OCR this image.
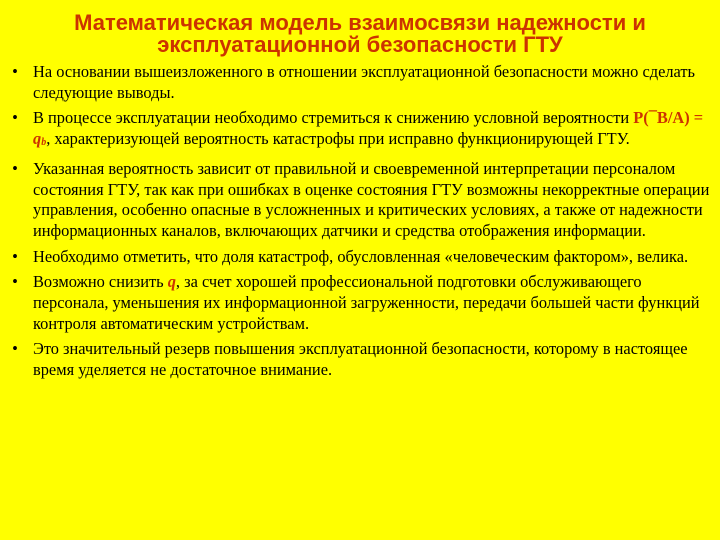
Математическая модель взаимосвязи надежности и
эксплуатационной безопасности ГТУ
• На основании вышеизложенного в отношении эксплуатационной безопасности можно сделать следующие выводы.
• В процессе эксплуатации необходимо стремиться к снижению условной вероятности P(¯B/A) = qb, характеризующей вероятность катастрофы при исправно функционирующей ГТУ.
• Указанная вероятность зависит от правильной и своевременной интерпретации персоналом состояния ГТУ, так как при ошибках в оценке состояния ГТУ возможны некорректные операции управления, особенно опасные в усложненных и критических условиях, а также от надежности информационных каналов, включающих датчики и средства отображения информации.
• Необходимо отметить, что доля катастроф, обусловленная «человеческим фактором», велика.
• Возможно снизить q, за счет хорошей профессиональной подготовки обслуживающего персонала, уменьшения их информационной загруженности, передачи большей части функций контроля автоматическим устройствам.
• Это значительный резерв повышения эксплуатационной безопасности, которому в настоящее время уделяется не достаточное внимание.
